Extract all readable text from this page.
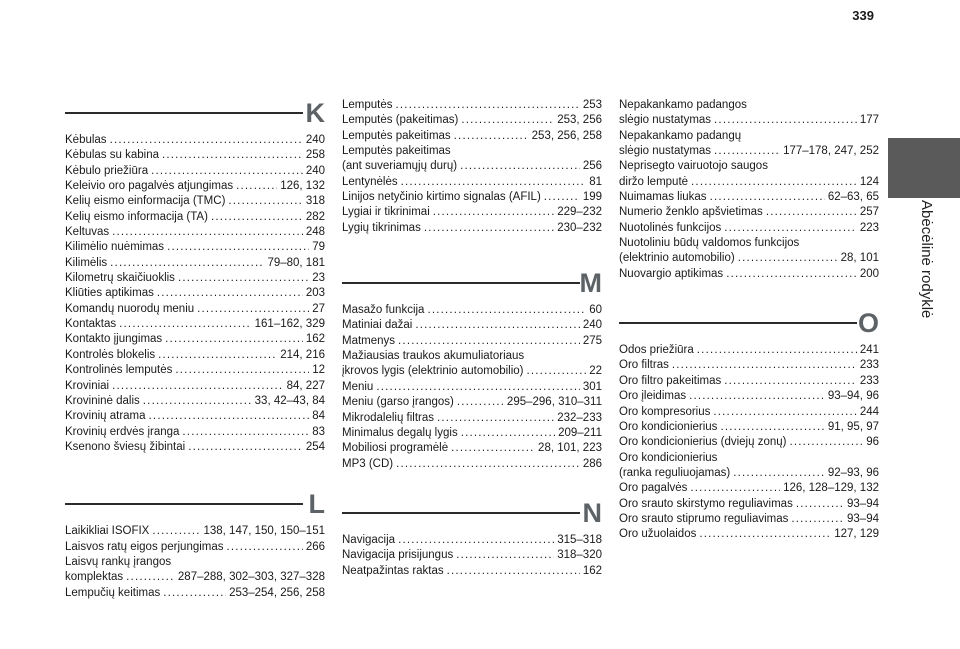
339
Abėcėlinė rodyklė
K
Kėbulas . . .	240
Kėbulas su kabina . . .	258
Kėbulo priežiūra . . .	240
Keleivio oro pagalvės atjungimas . . .	126, 132
Kelių eismo einformacija (TMC) . . .	318
Kelių eismo informacija (TA) . . .	282
Keltuvas . . .	248
Kilimėlio nuėmimas . . .	79
Kilimėlis . . .	79–80, 181
Kilometrų skaičiuoklis . . .	23
Kliūties aptikimas . . .	203
Komandų nuorodų meniu . . .	27
Kontaktas . . .	161–162, 329
Kontakto įjungimas . . .	162
Kontrolės blokelis . . .	214, 216
Kontrolinės lemputės . . .	12
Kroviniai . . .	84, 227
Krovininė dalis . . .	33, 42–43, 84
Krovinių atrama . . .	84
Krovinių erdvės įranga . . .	83
Ksenono šviesų žibintai . . .	254
L
Laikikliai ISOFIX . . .	138, 147, 150, 150–151
Laisvos ratų eigos perjungimas . . .	266
Laisvų rankų įrangos
komplektas . . .	287–288, 302–303, 327–328
Lempučių keitimas . . .	253–254, 256, 258
Lemputės . . .	253
Lemputės (pakeitimas) . . .	253, 256
Lemputės pakeitimas . . .	253, 256, 258
Lemputės pakeitimas
(ant suveriamųjų durų) . . .	256
Lentynėlės . . .	81
Linijos netyčinio kirtimo signalas (AFIL) . . .	199
Lygiai ir tikrinimai . . .	229–232
Lygių tikrinimas . . .	230–232
M
Masažo funkcija . . .	60
Matiniai dažai . . .	240
Matmenys . . .	275
Mažiausias traukos akumuliatoriaus
įkrovos lygis (elektrinio automobilio) . . .	22
Meniu . . .	301
Meniu (garso įrangos) . . .	295–296, 310–311
Mikrodalelių filtras . . .	232–233
Minimalus degalų lygis . . .	209–211
Mobiliosi programėlė . . .	28, 101, 223
MP3 (CD) . . .	286
N
Navigacija . . .	315–318
Navigacija prisijungus . . .	318–320
Neatpažintas raktas . . .	162
Nepakankamo padangos
slėgio nustatymas . . .	177
Nepakankamo padangų
slėgio nustatymas . . .	177–178, 247, 252
Neprisegto vairuotojo saugos
diržo lemputė . . .	124
Nuimamas liukas . . .	62–63, 65
Numerio ženklo apšvietimas . . .	257
Nuotolinės funkcijos . . .	223
Nuotoliniu būdų valdomos funkcijos
(elektrinio automobilio) . . .	28, 101
Nuovargio aptikimas . . .	200
O
Odos priežiūra . . .	241
Oro filtras . . .	233
Oro filtro pakeitimas . . .	233
Oro įleidimas . . .	93–94, 96
Oro kompresorius . . .	244
Oro kondicionierius . . .	91, 95, 97
Oro kondicionierius (dviejų zonų) . . .	96
Oro kondicionierius
(ranka reguliuojamas) . . .	92–93, 96
Oro pagalvės . . .	126, 128–129, 132
Oro srauto skirstymo reguliavimas . . .	93–94
Oro srauto stiprumo reguliavimas . . .	93–94
Oro užuolaidos . . .	127, 129
